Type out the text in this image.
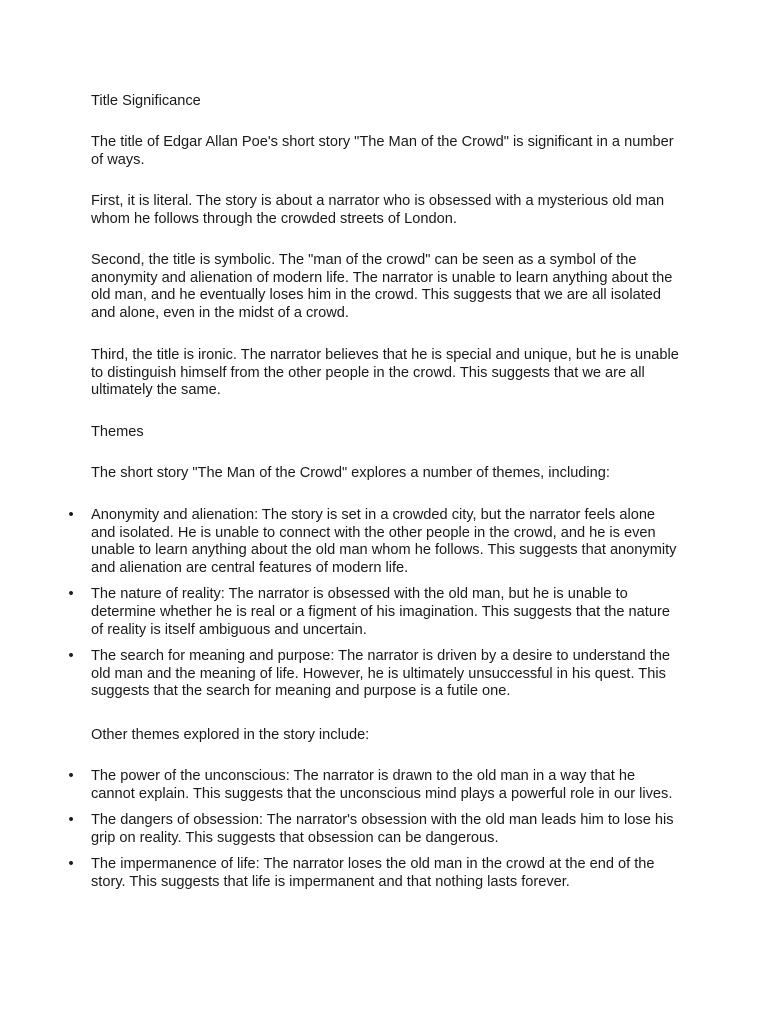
Title Significance

The title of Edgar Allan Poe's short story "The Man of the Crowd" is significant in a number of ways.

First, it is literal. The story is about a narrator who is obsessed with a mysterious old man whom he follows through the crowded streets of London.

Second, the title is symbolic. The "man of the crowd" can be seen as a symbol of the anonymity and alienation of modern life. The narrator is unable to learn anything about the old man, and he eventually loses him in the crowd. This suggests that we are all isolated and alone, even in the midst of a crowd.

Third, the title is ironic. The narrator believes that he is special and unique, but he is unable to distinguish himself from the other people in the crowd. This suggests that we are all ultimately the same.

Themes

The short story "The Man of the Crowd" explores a number of themes, including:

• Anonymity and alienation: The story is set in a crowded city, but the narrator feels alone and isolated. He is unable to connect with the other people in the crowd, and he is even unable to learn anything about the old man whom he follows. This suggests that anonymity and alienation are central features of modern life.
• The nature of reality: The narrator is obsessed with the old man, but he is unable to determine whether he is real or a figment of his imagination. This suggests that the nature of reality is itself ambiguous and uncertain.
• The search for meaning and purpose: The narrator is driven by a desire to understand the old man and the meaning of life. However, he is ultimately unsuccessful in his quest. This suggests that the search for meaning and purpose is a futile one.

Other themes explored in the story include:

• The power of the unconscious: The narrator is drawn to the old man in a way that he cannot explain. This suggests that the unconscious mind plays a powerful role in our lives.
• The dangers of obsession: The narrator's obsession with the old man leads him to lose his grip on reality. This suggests that obsession can be dangerous.
• The impermanence of life: The narrator loses the old man in the crowd at the end of the story. This suggests that life is impermanent and that nothing lasts forever.
